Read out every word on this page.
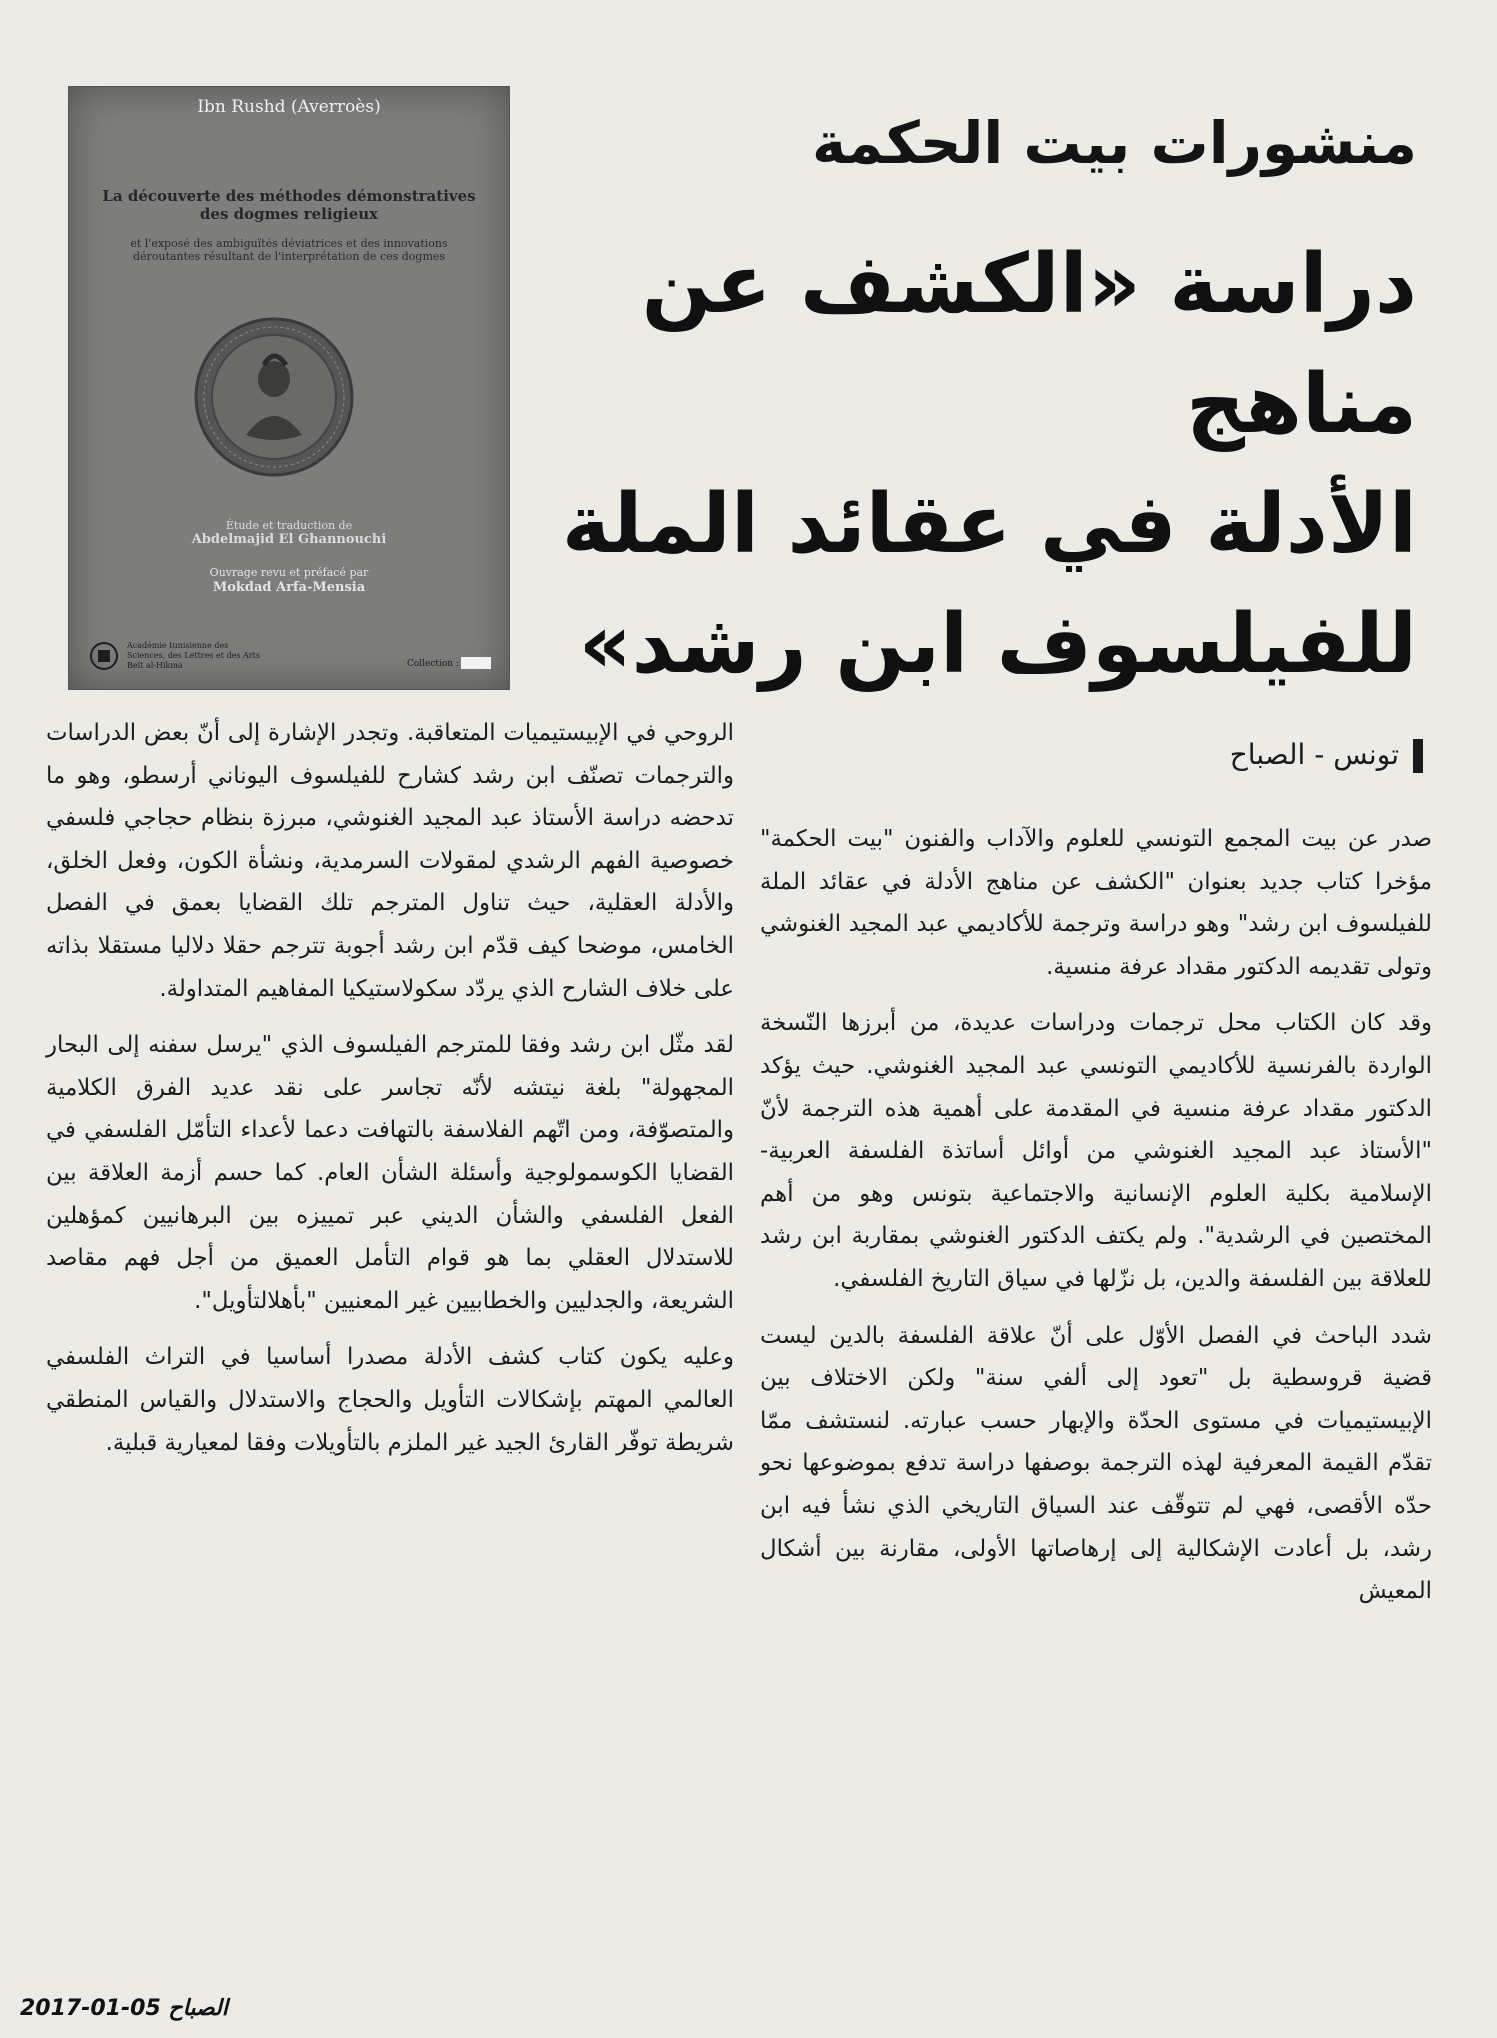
Ibn Rushd (Averroès)
La découverte des méthodes démonstratives des dogmes religieux
et l'exposé des ambiguïtés déviatrices et des innovations déroutantes résultant de l'interprétation de ces dogmes
Étude et traduction de
Abdelmajid El Ghannouchi
Ouvrage revu et préfacé par
Mokdad Arfa-Mensia
Académie tunisienne des Sciences, des Lettres et des Arts Beït al-Hikma	Collection :
منشورات بيت الحكمة
دراسة «الكشف عن مناهج
الأدلة في عقائد الملة
للفيلسوف ابن رشد»
تونس - الصباح

صدر عن بيت المجمع التونسي للعلوم والآداب والفنون "بيت الحكمة" مؤخرا كتاب جديد بعنوان "الكشف عن مناهج الأدلة في عقائد الملة للفيلسوف ابن رشد" وهو دراسة وترجمة للأكاديمي عبد المجيد الغنوشي وتولى تقديمه الدكتور مقداد عرفة منسية.

وقد كان الكتاب محل ترجمات ودراسات عديدة، من أبرزها النّسخة الواردة بالفرنسية للأكاديمي التونسي عبد المجيد الغنوشي. حيث يؤكد الدكتور مقداد عرفة منسية في المقدمة على أهمية هذه الترجمة لأنّ "الأستاذ عبد المجيد الغنوشي من أوائل أساتذة الفلسفة العربية-الإسلامية بكلية العلوم الإنسانية والاجتماعية بتونس وهو من أهم المختصين في الرشدية". ولم يكتف الدكتور الغنوشي بمقاربة ابن رشد للعلاقة بين الفلسفة والدين، بل نزّلها في سياق التاريخ الفلسفي.

شدد الباحث في الفصل الأوّل على أنّ علاقة الفلسفة بالدين ليست قضية قروسطية بل "تعود إلى ألفي سنة" ولكن الاختلاف بين الإبيستيميات في مستوى الحدّة والإبهار حسب عبارته. لنستشف ممّا تقدّم القيمة المعرفية لهذه الترجمة بوصفها دراسة تدفع بموضوعها نحو حدّه الأقصى، فهي لم تتوقّف عند السياق التاريخي الذي نشأ فيه ابن رشد، بل أعادت الإشكالية إلى إرهاصاتها الأولى، مقارنة بين أشكال المعيش

الروحي في الإبيستيميات المتعاقبة. وتجدر الإشارة إلى أنّ بعض الدراسات والترجمات تصنّف ابن رشد كشارح للفيلسوف اليوناني أرسطو، وهو ما تدحضه دراسة الأستاذ عبد المجيد الغنوشي، مبرزة بنظام حجاجي فلسفي خصوصية الفهم الرشدي لمقولات السرمدية، ونشأة الكون، وفعل الخلق، والأدلة العقلية، حيث تناول المترجم تلك القضايا بعمق في الفصل الخامس، موضحا كيف قدّم ابن رشد أجوبة تترجم حقلا دلاليا مستقلا بذاته على خلاف الشارح الذي يردّد سكولاستيكيا المفاهيم المتداولة.

لقد مثّل ابن رشد وفقا للمترجم الفيلسوف الذي "يرسل سفنه إلى البحار المجهولة" بلغة نيتشه لأنّه تجاسر على نقد عديد الفرق الكلامية والمتصوّفة، ومن اتّهم الفلاسفة بالتهافت دعما لأعداء التأمّل الفلسفي في القضايا الكوسمولوجية وأسئلة الشأن العام. كما حسم أزمة العلاقة بين الفعل الفلسفي والشأن الديني عبر تمييزه بين البرهانيين كمؤهلين للاستدلال العقلي بما هو قوام التأمل العميق من أجل فهم مقاصد الشريعة، والجدليين والخطابيين غير المعنيين "بأهلالتأويل".

وعليه يكون كتاب كشف الأدلة مصدرا أساسيا في التراث الفلسفي العالمي المهتم بإشكالات التأويل والحجاج والاستدلال والقياس المنطقي شريطة توفّر القارئ الجيد غير الملزم بالتأويلات وفقا لمعيارية قبلية.

الصباح 05-01-2017
